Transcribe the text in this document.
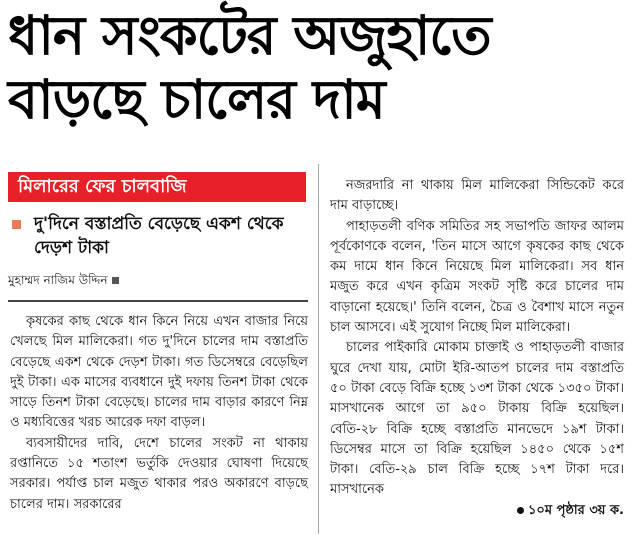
ধান সংকটের অজুহাতে
বাড়ছে চালের দাম
মিলারের ফের চালবাজি
দু'দিনে বস্তাপ্রতি বেড়েছে একশ থেকে দেড়শ টাকা
মুহাম্মদ নাজিম উদ্দিন

কৃষকের কাছ থেকে ধান কিনে নিয়ে এখন বাজার নিয়ে খেলছে মিল মালিকেরা। গত দু'দিনে চালের দাম বস্তাপ্রতি বেড়েছে একশ থেকে দেড়শ টাকা। গত ডিসেম্বরে বেড়েছিল দুই টাকা। এক মাসের ব্যবধানে দুই দফায় তিনশ টাকা থেকে সাড়ে তিনশ টাকা বেড়েছে। চালের দাম বাড়ার কারণে নিম্ন ও মধ্যবিত্তের খরচ আরেক দফা বাড়ল।

ব্যবসায়ীদের দাবি, দেশে চালের সংকট না থাকায় রপ্তানিতে ১৫ শতাংশ ভর্তুকি দেওয়ার ঘোষণা দিয়েছে সরকার। পর্যাপ্ত চাল মজুত থাকার পরও অকারণে বাড়ছে চালের দাম। সরকারের

নজরদারি না থাকায় মিল মালিকেরা সিন্ডিকেট করে দাম বাড়াচ্ছে।

পাহাড়তলী বণিক সমিতির সহ সভাপতি জাফর আলম পূর্বকোণকে বলেন, 'তিন মাসে আগে কৃষকের কাছ থেকে কম দামে ধান কিনে নিয়েছে মিল মালিকেরা। সব ধান মজুত করে এখন কৃত্রিম সংকট সৃষ্টি করে চালের দাম বাড়ানো হয়েছে।' তিনি বলেন, চৈত্র ও বৈশাখ মাসে নতুন চাল আসবে। এই সুযোগ নিচ্ছে মিল মালিকেরা।

চালের পাইকারি মোকাম চাক্তাই ও পাহাড়তলী বাজার ঘুরে দেখা যায়, মোটা ইরি-আতপ চালের দাম বস্তাপ্রতি ৫০ টাকা বেড়ে বিক্রি হচ্ছে ১৩শ টাকা থেকে ১৩৫০ টাকা। মাসখানেক আগে তা ৯৫০ টাকায় বিক্রি হয়েছিল। বেতি-২৮ বিক্রি হচ্ছে বস্তাপ্রতি মানভেদে ১৯শ টাকা। ডিসেম্বর মাসে তা বিক্রি হয়েছিল ১৪৫০ থেকে ১৫শ টাকা। বেতি-২৯ চাল বিক্রি হচ্ছে ১৭শ টাকা দরে। মাসখানেক

১০ম পৃষ্ঠার ৩য় ক.
